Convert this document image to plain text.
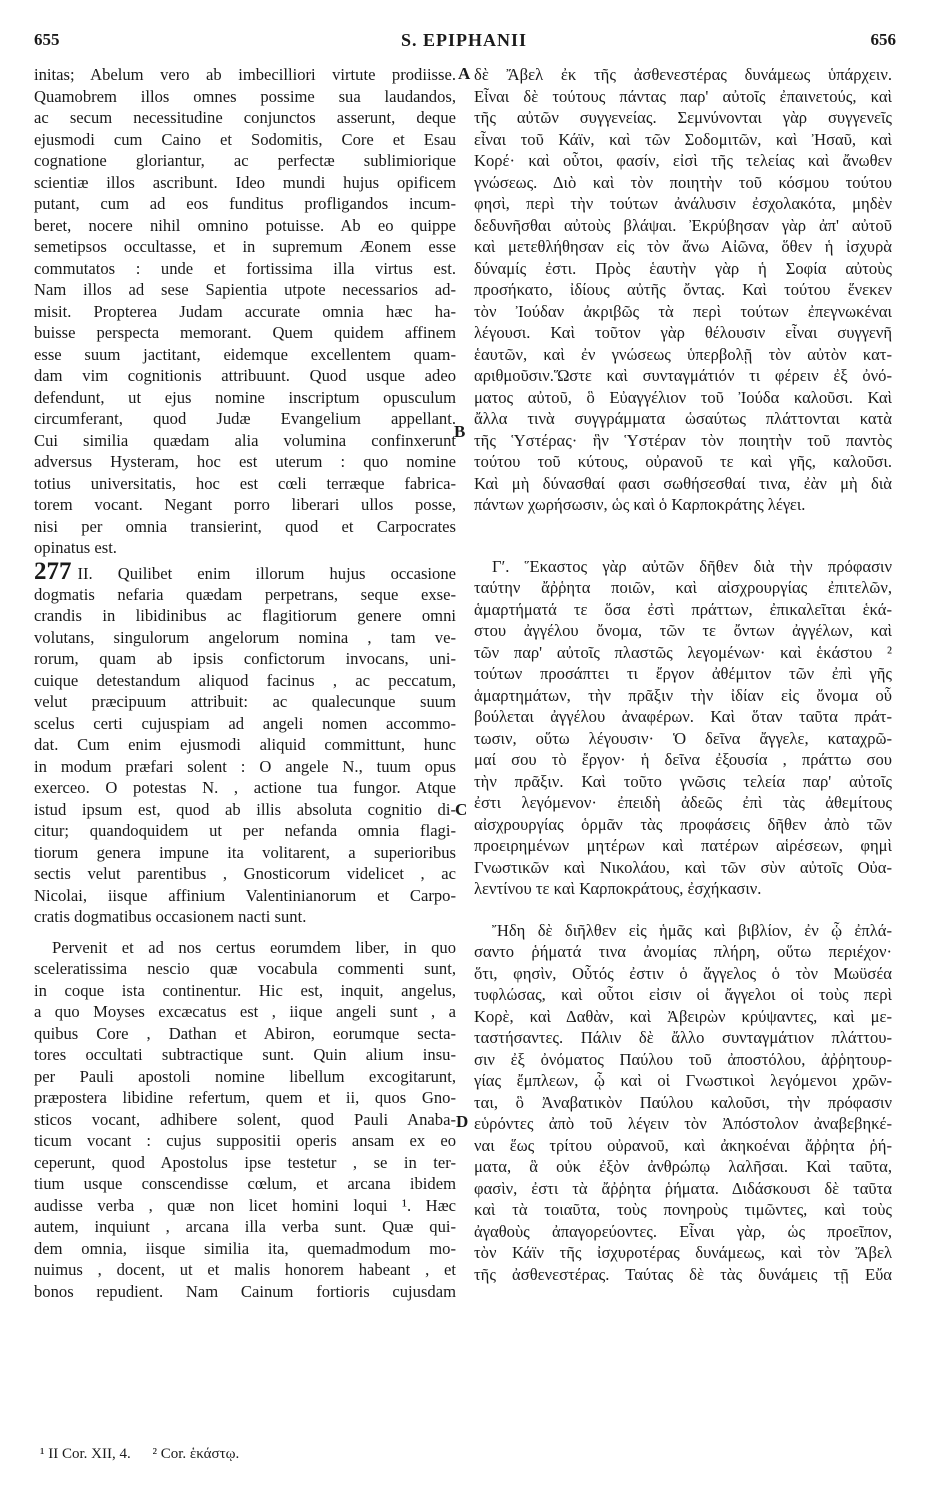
655	S. EPIPHANII	656
initas; Abelum vero ab imbecilliori virtute prodiisse.
Quamobrem illos omnes possime sua laudandos,
ac secum necessitudine conjunctos asserunt, deque
ejusmodi cum Caino et Sodomitis, Core et Esau
cognatione gloriantur, ac perfectæ sublimiorique
scientiæ illos ascribunt. Ideo mundi hujus opificem
putant, cum ad eos funditus profligandos incum-
beret, nocere nihil omnino potuisse. Ab eo quippe
semetipsos occultasse, et in supremum Æonem esse
commutatos : unde et fortissima illa virtus est.
Nam illos ad sese Sapientia utpote necessarios ad-
misit. Propterea Judam accurate omnia hæc ha-
buisse perspecta memorant. Quem quidem affinem
esse suum jactitant, eidemque excellentem quam-
dam vim cognitionis attribuunt. Quod usque adeo
defendunt, ut ejus nomine inscriptum opusculum
circumferant, quod Judæ Evangelium appellant.
Cui similia quædam alia volumina confinxerunt
adversus Hysteram, hoc est uterum : quo nomine
totius universitatis, hoc est cœli terræque fabrica-
torem vocant. Negant porro liberari ullos posse,
nisi per omnia transierint, quod et Carpocrates
opinatus est.
277 II. Quilibet enim illorum hujus occasione
dogmatis nefaria quædam perpetrans, seque exse-
crandis in libidinibus ac flagitiorum genere omni
volutans, singulorum angelorum nomina , tam ve-
rorum, quam ab ipsis confictorum invocans, uni-
cuique detestandum aliquod facinus , ac peccatum,
velut præcipuum attribuit: ac qualecunque suum
scelus certi cujuspiam ad angeli nomen accommo-
dat. Cum enim ejusmodi aliquid committunt, hunc
in modum præfari solent : O angele N., tuum opus
exerceo. O potestas N. , actione tua fungor. Atque
istud ipsum est, quod ab illis absoluta cognitio di-
citur; quandoquidem ut per nefanda omnia flagi-
tiorum genera impune ita volitarent, a superioribus
sectis velut parentibus , Gnosticorum videlicet , ac
Nicolai, iisque affinium Valentinianorum et Carpo-
cratis dogmatibus occasionem nacti sunt.
Pervenit et ad nos certus eorumdem liber, in quo
sceleratissima nescio quæ vocabula commenti sunt,
in coque ista continentur. Hic est, inquit, angelus,
a quo Moyses excæcatus est , iique angeli sunt , a
quibus Core , Dathan et Abiron, eorumque secta-
tores occultati subtractique sunt. Quin alium insu-
per Pauli apostoli nomine libellum excogitarunt,
præpostera libidine refertum, quem et ii, quos Gno-
sticos vocant, adhibere solent, quod Pauli Anaba-
ticum vocant : cujus suppositii operis ansam ex eo
ceperunt, quod Apostolus ipse testetur , se in ter-
tium usque conscendisse cœlum, et arcana ibidem
audisse verba , quæ non licet homini loqui ¹. Hæc
autem, inquiunt , arcana illa verba sunt. Quæ qui-
dem omnia, iisque similia ita, quemadmodum mo-
nuimus , docent, ut et malis honorem habeant , et
bonos repudient. Nam Cainum fortioris cujusdam
δὲ Ἄβελ ἐκ τῆς ἀσθενεστέρας δυνάμεως ὑπάρχειν.
Εἶναι δὲ τούτους πάντας παρ' αὐτοῖς ἐπαινετούς, καὶ
τῆς αὐτῶν συγγενείας. Σεμνύνονται γὰρ συγγενεῖς
εἶναι τοῦ Κάϊν, καὶ τῶν Σοδομιτῶν, καὶ Ἠσαῦ, καὶ
Κορέ· καὶ οὗτοι, φασίν, εἰσὶ τῆς τελείας καὶ ἄνωθεν
γνώσεως. Διὸ καὶ τὸν ποιητὴν τοῦ κόσμου τούτου
φησὶ, περὶ τὴν τούτων ἀνάλυσιν ἐσχολακότα, μηδὲν
δεδυνῆσθαι αὐτοὺς βλάψαι. Ἐκρύβησαν γὰρ ἀπ' αὐτοῦ
καὶ μετεθλήθησαν εἰς τὸν ἄνω Αἰῶνα, ὅθεν ἡ ἰσχυρὰ
δύναμίς ἐστι. Πρὸς ἑαυτὴν γὰρ ἡ Σοφία αὐτοὺς
προσήκατο, ἰδίους αὐτῆς ὄντας. Καὶ τούτου ἕνεκεν
τὸν Ἰούδαν ἀκριβῶς τὰ περὶ τούτων ἐπεγνωκέναι
λέγουσι. Καὶ τοῦτον γὰρ θέλουσιν εἶναι συγγενῆ
ἑαυτῶν, καὶ ἐν γνώσεως ὑπερβολῇ τὸν αὐτὸν κατ-
αριθμοῦσιν.Ὥστε καὶ συνταγμάτιόν τι φέρειν ἐξ ὀνό-
ματος αὐτοῦ, ὃ Εὐαγγέλιον τοῦ Ἰούδα καλοῦσι. Καὶ
ἄλλα τινὰ συγγράμματα ὡσαύτως πλάττονται κατὰ
τῆς Ὑστέρας· ἣν Ὑστέραν τὸν ποιητὴν τοῦ παντὸς
τούτου τοῦ κύτους, οὐρανοῦ τε καὶ γῆς, καλοῦσι.
Καὶ μὴ δύνασθαί φασι σωθήσεσθαί τινα, ἐὰν μὴ διὰ
πάντων χωρήσωσιν, ὡς καὶ ὁ Καρποκράτης λέγει.
Γʹ. Ἕκαστος γὰρ αὐτῶν δῆθεν διὰ τὴν πρόφασιν
ταύτην ἄῤῥητα ποιῶν, καὶ αἰσχρουργίας ἐπιτελῶν,
ἁμαρτήματά τε ὅσα ἐστὶ πράττων, ἐπικαλεῖται ἑκά-
στου ἀγγέλου ὄνομα, τῶν τε ὄντων ἀγγέλων, καὶ
τῶν παρ' αὐτοῖς πλαστῶς λεγομένων· καὶ ἑκάστου ²
τούτων προσάπτει τι ἔργον ἀθέμιτον τῶν ἐπὶ γῆς
ἁμαρτημάτων, τὴν πρᾶξιν τὴν ἰδίαν εἰς ὄνομα οὗ
βούλεται ἀγγέλου ἀναφέρων. Καὶ ὅταν ταῦτα πράτ-
τωσιν, οὕτω λέγουσιν· Ὁ δεῖνα ἄγγελε, καταχρῶ-
μαί σου τὸ ἔργον· ἡ δεῖνα ἐξουσία , πράττω σου
τὴν πρᾶξιν. Καὶ τοῦτο γνῶσις τελεία παρ' αὐτοῖς
ἐστι λεγόμενον· ἐπειδὴ ἀδεῶς ἐπὶ τὰς ἀθεμίτους
αἰσχρουργίας ὁρμᾶν τὰς προφάσεις δῆθεν ἀπὸ τῶν
προειρημένων μητέρων καὶ πατέρων αἱρέσεων, φημὶ
Γνωστικῶν καὶ Νικολάου, καὶ τῶν σὺν αὐτοῖς Οὐα-
λεντίνου τε καὶ Καρποκράτους, ἐσχήκασιν.
Ἤδη δὲ διῆλθεν εἰς ἡμᾶς καὶ βιβλίον, ἐν ᾧ ἐπλά-
σαντο ῥήματά τινα ἀνομίας πλήρη, οὕτω περιέχον·
ὅτι, φησὶν, Οὗτός ἐστιν ὁ ἄγγελος ὁ τὸν Μωϋσέα
τυφλώσας, καὶ οὗτοι εἰσιν οἱ ἄγγελοι οἱ τοὺς περὶ
Κορὲ, καὶ Δαθὰν, καὶ Ἀβειρὼν κρύψαντες, καὶ με-
ταστήσαντες. Πάλιν δὲ ἄλλο συνταγμάτιον πλάττου-
σιν ἐξ ὀνόματος Παύλου τοῦ ἀποστόλου, ἀῤῥητουρ-
γίας ἔμπλεων, ᾧ καὶ οἱ Γνωστικοὶ λεγόμενοι χρῶν-
ται, ὃ Ἀναβατικὸν Παύλου καλοῦσι, τὴν πρόφασιν
εὑρόντες ἀπὸ τοῦ λέγειν τὸν Ἀπόστολον ἀναβεβηκέ-
ναι ἕως τρίτου οὐρανοῦ, καὶ ἀκηκοέναι ἄῤῥητα ῥή-
ματα, ἃ οὐκ ἐξὸν ἀνθρώπῳ λαλῆσαι. Καὶ ταῦτα,
φασὶν, ἐστι τὰ ἄῤῥητα ῥήματα. Διδάσκουσι δὲ ταῦτα
καὶ τὰ τοιαῦτα, τοὺς πονηροὺς τιμῶντες, καὶ τοὺς
ἀγαθοὺς ἀπαγορεύοντες. Εἶναι γὰρ, ὡς προεῖπον,
τὸν Κάϊν τῆς ἰσχυροτέρας δυνάμεως, καὶ τὸν Ἄβελ
τῆς ἀσθενεστέρας. Ταύτας δὲ τὰς δυνάμεις τῇ Εὔα
A
B
C
D
¹ II Cor. XII, 4. ² Cor. ἑκάστῳ.
